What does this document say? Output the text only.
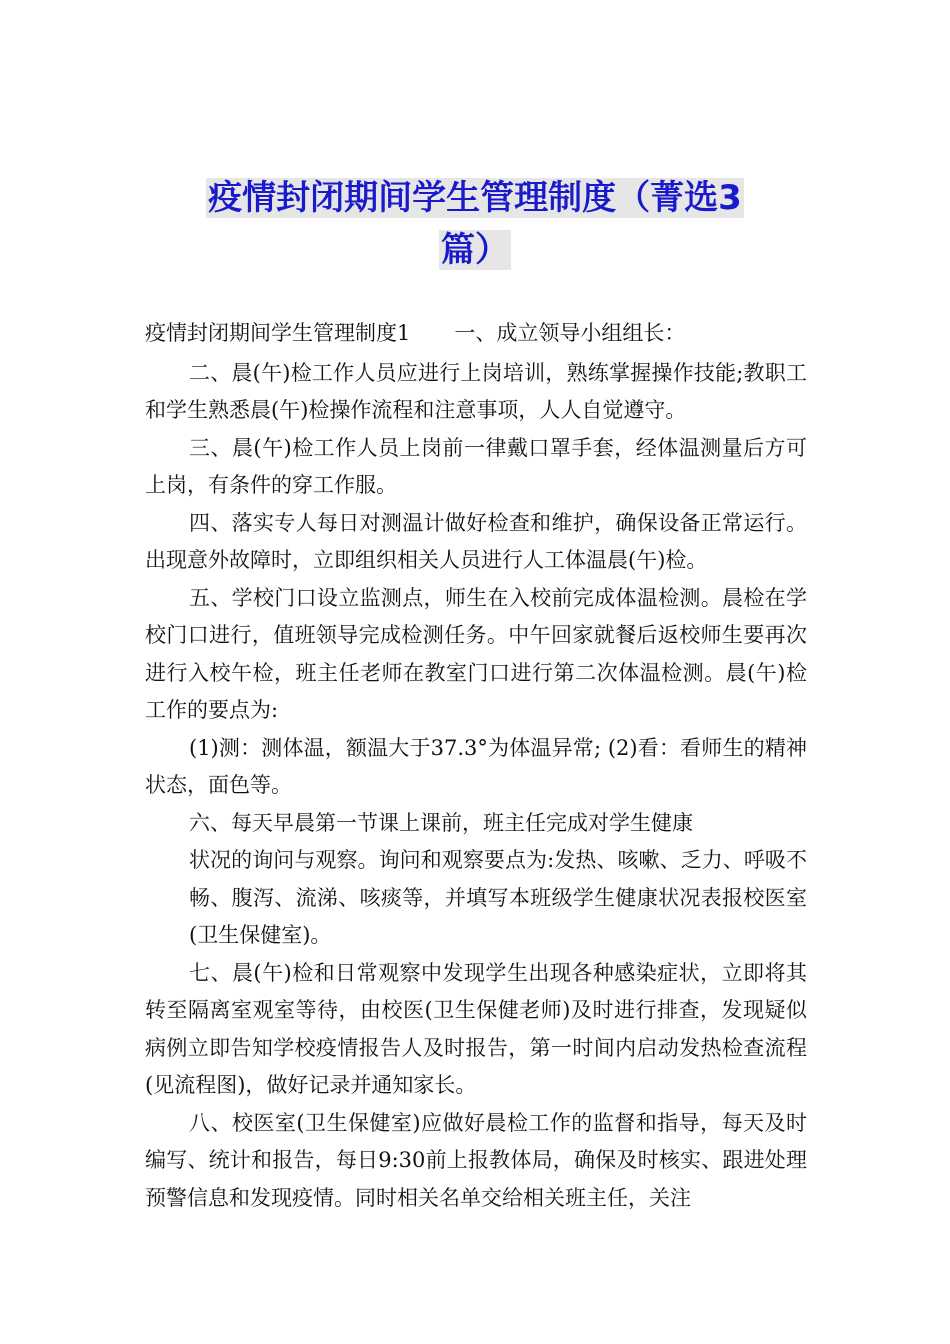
疫情封闭期间学生管理制度（菁选3
篇）

疫情封闭期间学生管理制度1 一、成立领导小组组长：

二、晨(午)检工作人员应进行上岗培训，熟练掌握操作技能;教职工和学生熟悉晨(午)检操作流程和注意事项，人人自觉遵守。

三、晨(午)检工作人员上岗前一律戴口罩手套，经体温测量后方可上岗，有条件的穿工作服。

四、落实专人每日对测温计做好检查和维护，确保设备正常运行。出现意外故障时，立即组织相关人员进行人工体温晨(午)检。

五、学校门口设立监测点，师生在入校前完成体温检测。晨检在学校门口进行，值班领导完成检测任务。中午回家就餐后返校师生要再次进行入校午检，班主任老师在教室门口进行第二次体温检测。晨(午)检工作的要点为:

(1)测：测体温，额温大于37.3°为体温异常; (2)看：看师生的精神状态，面色等。

六、每天早晨第一节课上课前，班主任完成对学生健康

状况的询问与观察。询问和观察要点为:发热、咳嗽、乏力、呼吸不畅、腹泻、流涕、咳痰等，并填写本班级学生健康状况表报校医室(卫生保健室)。

七、晨(午)检和日常观察中发现学生出现各种感染症状，立即将其转至隔离室观室等待，由校医(卫生保健老师)及时进行排查，发现疑似病例立即告知学校疫情报告人及时报告，第一时间内启动发热检查流程(见流程图)，做好记录并通知家长。

八、校医室(卫生保健室)应做好晨检工作的监督和指导，每天及时编写、统计和报告，每日9:30前上报教体局，确保及时核实、跟进处理预警信息和发现疫情。同时相关名单交给相关班主任，关注
